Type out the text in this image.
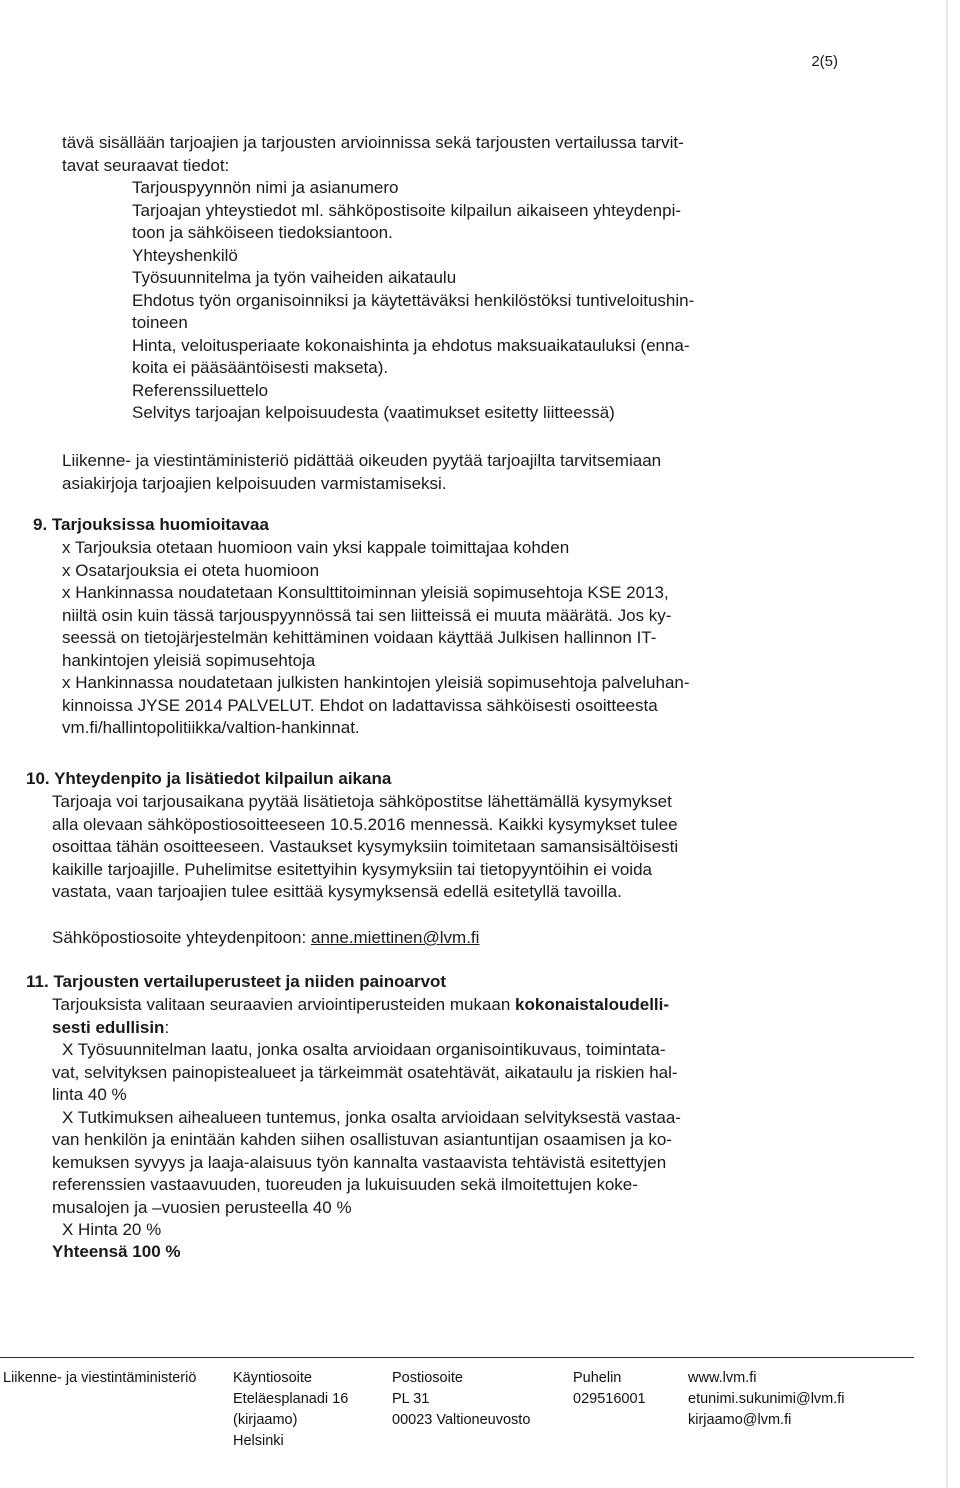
2(5)
tävä sisällään tarjoajien ja tarjousten arvioinnissa sekä tarjousten vertailussa tarvit-
tavat seuraavat tiedot:
Tarjouspyynnön nimi ja asianumero
Tarjoajan yhteystiedot ml. sähköpostisoite kilpailun aikaiseen yhteydenpi-
toon ja sähköiseen tiedoksiantoon.
Yhteyshenkilö
Työsuunnitelma ja työn vaiheiden aikataulu
Ehdotus työn organisoinniksi ja käytettäväksi henkilöstöksi tuntiveloitushin-
toineen
Hinta, veloitusperiaate kokonaishinta ja ehdotus maksuaikatauluksi (enna-
koita ei pääsääntöisesti makseta).
Referenssiluettelo
Selvitys tarjoajan kelpoisuudesta (vaatimukset esitetty liitteessä)
Liikenne- ja viestintäministeriö pidättää oikeuden pyytää tarjoajilta tarvitsemiaan
asiakirjoja tarjoajien kelpoisuuden varmistamiseksi.
9. Tarjouksissa huomioitavaa
x Tarjouksia otetaan huomioon vain yksi kappale toimittajaa kohden
x Osatarjouksia ei oteta huomioon
x Hankinnassa noudatetaan Konsulttitoiminnan yleisiä sopimusehtoja KSE 2013,
niiltä osin kuin tässä tarjouspyynnössä tai sen liitteissä ei muuta määrätä. Jos ky-
seessä on tietojärjestelmän kehittäminen voidaan käyttää Julkisen hallinnon IT-
hankintojen yleisiä sopimusehtoja
x Hankinnassa noudatetaan julkisten hankintojen yleisiä sopimusehtoja palveluhan-
kinnoissa JYSE 2014 PALVELUT. Ehdot on ladattavissa sähköisesti osoitteesta
vm.fi/hallintopolitiikka/valtion-hankinnat.
10. Yhteydenpito ja lisätiedot kilpailun aikana
Tarjoaja voi tarjousaikana pyytää lisätietoja sähköpostitse lähettämällä kysymykset
alla olevaan sähköpostiosoitteeseen 10.5.2016 mennessä. Kaikki kysymykset tulee
osoittaa tähän osoitteeseen. Vastaukset kysymyksiin toimitetaan samansisältöisesti
kaikille tarjoajille. Puhelimitse esitettyihin kysymyksiin tai tietopyyntöihin ei voida
vastata, vaan tarjoajien tulee esittää kysymyksensä edellä esitetyllä tavoilla.
Sähköpostiosoite yhteydenpitoon: anne.miettinen@lvm.fi
11. Tarjousten vertailuperusteet ja niiden painoarvot
Tarjouksista valitaan seuraavien arviointiperusteiden mukaan kokonaistaloudelli-
sesti edullisin:
X Työsuunnitelman laatu, jonka osalta arvioidaan organisointikuvaus, toimintata-
vat, selvityksen painopistealueet ja tärkeimmät osatehtävät, aikataulu ja riskien hal-
linta 40 %
X Tutkimuksen aihealueen tuntemus, jonka osalta arvioidaan selvityksestä vastaa-
van henkilön ja enintään kahden siihen osallistuvan asiantuntijan osaamisen ja ko-
kemuksen syvyys ja laaja-alaisuus työn kannalta vastaavista tehtävistä esitettyjen
referenssien vastaavuuden, tuoreuden ja lukuisuuden sekä ilmoitettujen koke-
musalojen ja –vuosien perusteella 40 %
X Hinta 20 %
Yhteensä 100 %
Liikenne- ja viestintäministeriö	Käyntiosoite
Eteläesplanadi 16
(kirjaamo)
Helsinki
Postiosoite
PL 31
00023 Valtioneuvosto
Puhelin
029516001
www.lvm.fi
etunimi.sukunimi@lvm.fi
kirjaamo@lvm.fi
